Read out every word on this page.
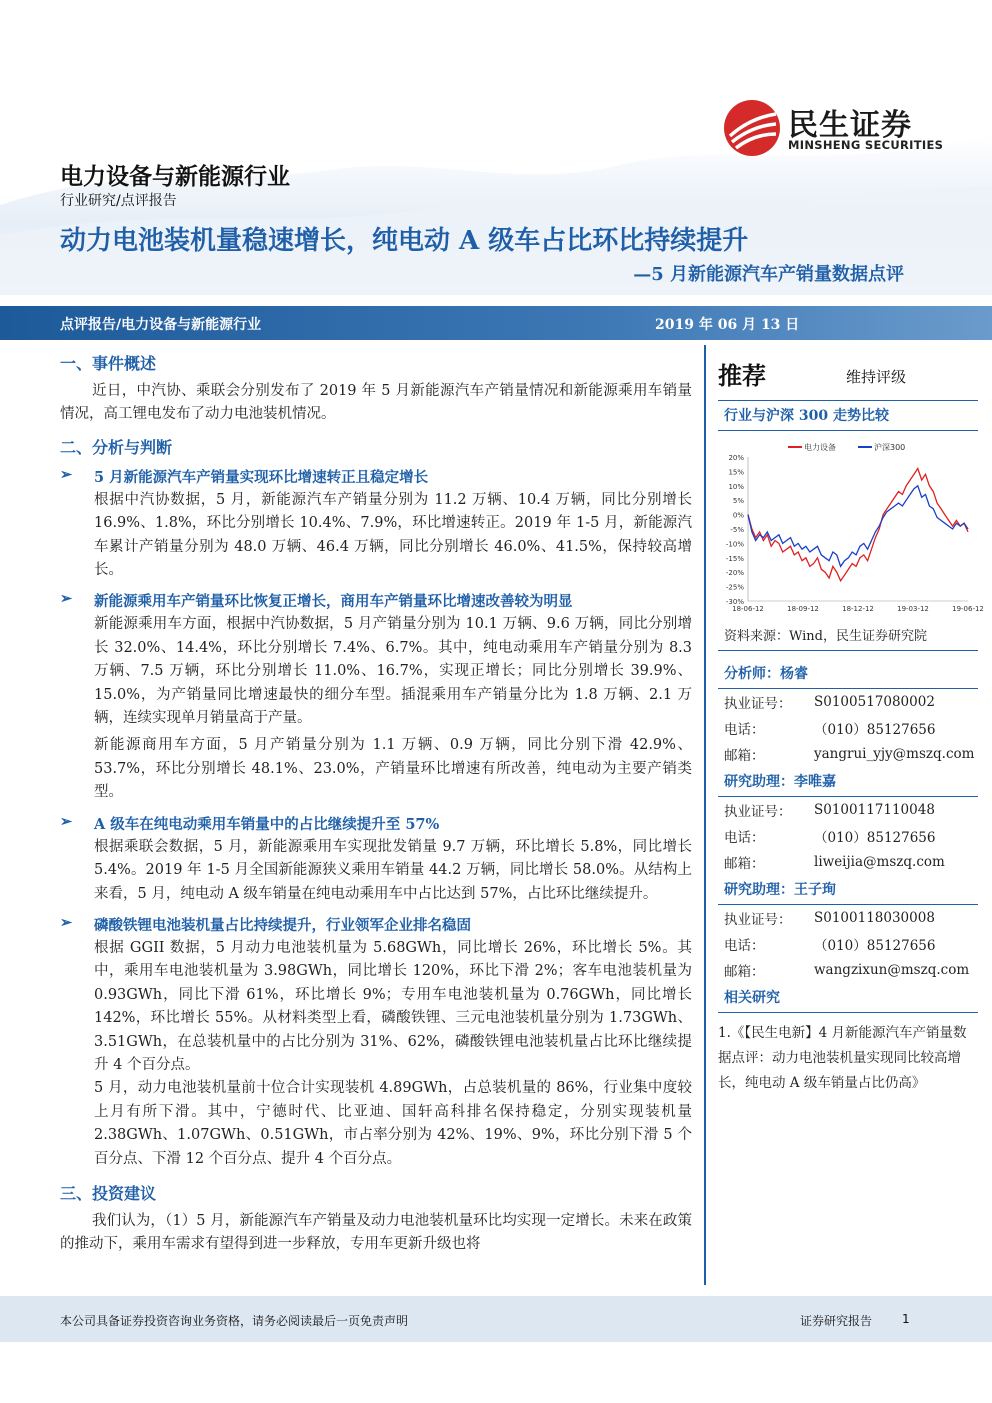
民生证券
MINSHENG SECURITIES
电力设备与新能源行业
行业研究/点评报告
动力电池装机量稳速增长，纯电动 A 级车占比环比持续提升
—5 月新能源汽车产销量数据点评
点评报告/电力设备与新能源行业	2019 年 06 月 13 日
一、事件概述

近日，中汽协、乘联会分别发布了 2019 年 5 月新能源汽车产销量情况和新能源乘用车销量情况，高工锂电发布了动力电池装机情况。

二、分析与判断
➢ 5 月新能源汽车产销量实现环比增速转正且稳定增长

根据中汽协数据，5 月，新能源汽车产销量分别为 11.2 万辆、10.4 万辆，同比分别增长 16.9%、1.8%，环比分别增长 10.4%、7.9%，环比增速转正。2019 年 1-5 月，新能源汽车累计产销量分别为 48.0 万辆、46.4 万辆，同比分别增长 46.0%、41.5%，保持较高增长。

➢ 新能源乘用车产销量环比恢复正增长，商用车产销量环比增速改善较为明显

新能源乘用车方面，根据中汽协数据，5 月产销量分别为 10.1 万辆、9.6 万辆，同比分别增长 32.0%、14.4%，环比分别增长 7.4%、6.7%。其中，纯电动乘用车产销量分别为 8.3 万辆、7.5 万辆，环比分别增长 11.0%、16.7%，实现正增长；同比分别增长 39.9%、15.0%，为产销量同比增速最快的细分车型。插混乘用车产销量分比为 1.8 万辆、2.1 万辆，连续实现单月销量高于产量。

新能源商用车方面，5 月产销量分别为 1.1 万辆、0.9 万辆，同比分别下滑 42.9%、53.7%，环比分别增长 48.1%、23.0%，产销量环比增速有所改善，纯电动为主要产销类型。

➢ A 级车在纯电动乘用车销量中的占比继续提升至 57%

根据乘联会数据，5 月，新能源乘用车实现批发销量 9.7 万辆，环比增长 5.8%，同比增长 5.4%。2019 年 1-5 月全国新能源狭义乘用车销量 44.2 万辆，同比增长 58.0%。从结构上来看，5 月，纯电动 A 级车销量在纯电动乘用车中占比达到 57%，占比环比继续提升。

➢ 磷酸铁锂电池装机量占比持续提升，行业领军企业排名稳固

根据 GGII 数据，5 月动力电池装机量为 5.68GWh，同比增长 26%，环比增长 5%。其中，乘用车电池装机量为 3.98GWh，同比增长 120%，环比下滑 2%；客车电池装机量为 0.93GWh，同比下滑 61%，环比增长 9%；专用车电池装机量为 0.76GWh，同比增长 142%，环比增长 55%。从材料类型上看，磷酸铁锂、三元电池装机量分别为 1.73GWh、3.51GWh，在总装机量中的占比分别为 31%、62%，磷酸铁锂电池装机量占比环比继续提升 4 个百分点。

5 月，动力电池装机量前十位合计实现装机 4.89GWh，占总装机量的 86%，行业集中度较上月有所下滑。其中，宁德时代、比亚迪、国轩高科排名保持稳定，分别实现装机量 2.38GWh、1.07GWh、0.51GWh，市占率分别为 42%、19%、9%，环比分别下滑 5 个百分点、下滑 12 个百分点、提升 4 个百分点。

三、投资建议

我们认为，（1）5 月，新能源汽车产销量及动力电池装机量环比均实现一定增长。未来在政策的推动下，乘用车需求有望得到进一步释放，专用车更新升级也将

推荐	维持评级
行业与沪深 300 走势比较
电力设备	沪深300
20%
15%
10%
5%
0%
-5%
-10%
-15%
-20%
-25%
-30%
18-06-12	18-09-12	18-12-12	19-03-12	19-06-12
资料来源：Wind，民生证券研究院
分析师：杨睿
执业证号：	S0100517080002
电话：	（010）85127656
邮箱：	yangrui_yjy@mszq.com
研究助理：李唯嘉
执业证号：	S0100117110048
电话：	（010）85127656
邮箱：	liweijia@mszq.com
研究助理：王子珣
执业证号：	S0100118030008
电话：	（010）85127656
邮箱：	wangzixun@mszq.com
相关研究
1.《【民生电新】4 月新能源汽车产销量数据点评：动力电池装机量实现同比较高增长，纯电动 A 级车销量占比仍高》
本公司具备证券投资咨询业务资格，请务必阅读最后一页免责声明	证券研究报告 1
